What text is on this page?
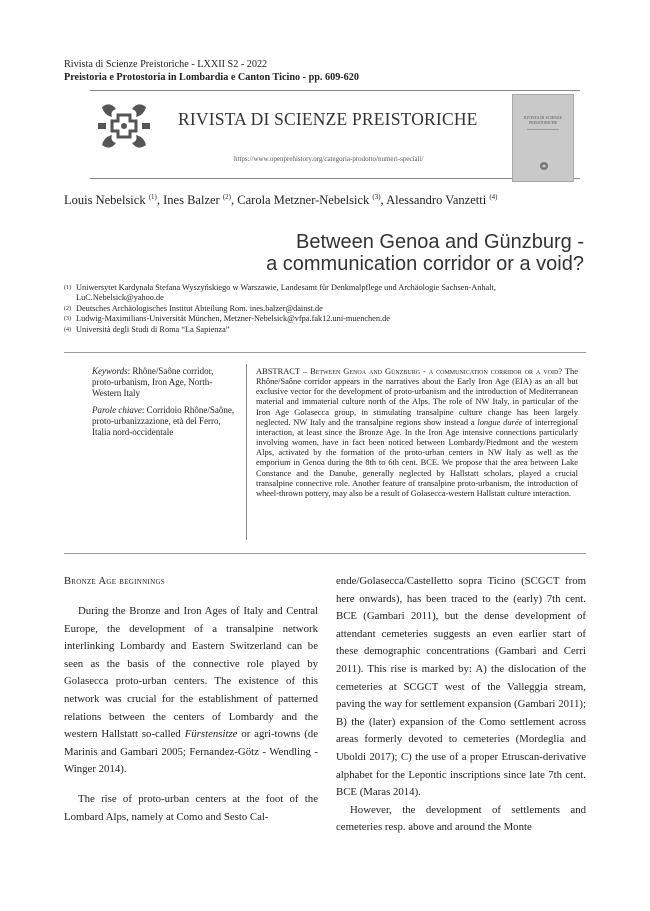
Rivista di Scienze Preistoriche - LXXII S2 - 2022
Preistoria e Protostoria in Lombardia e Canton Ticino - pp. 609-620
RIVISTA DI SCIENZE PREISTORICHE
https://www.openprehistory.org/categoria-prodotto/numeri-speciali/
RIVISTA DI SCIENZE
PREISTORICHE
Louis Nebelsick $^{(1)}$, Ines Balzer $^{(2)}$, Carola Metzner-Nebelsick $^{(3)}$, Alessandro Vanzetti $^{(4)}$
Between Genoa and Günzburg -
a communication corridor or a void?
(1) Uniwersytet Kardynała Stefana Wyszyńskiego w Warszawie, Landesamt für Denkmalpflege und Archäologie Sachsen-Anhalt, LuC.Nebelsick@yahoo.de
(2) Deutsches Archäologisches Institut Abteilung Rom. ines.balzer@dainst.de
(3) Ludwig-Maximilians-Universität München, Metzner-Nebelsick@vfpa.fak12.uni-muenchen.de
(4) Università degli Studi di Roma “La Sapienza”

Keywords: Rhône/Saône corridor, proto-urbanism, Iron Age, North-Western Italy

Parole chiave: Corridoio Rhône/Saône, proto-urbanizzazione, età del Ferro, Italia nord-occidentale

ABSTRACT – Between Genoa and Günzburg - a communication corridor or a void? The Rhône/Saône corridor appears in the narratives about the Early Iron Age (EIA) as an all but exclusive vector for the development of proto-urbanism and the introduction of Mediterranean material and immaterial culture north of the Alps. The role of NW Italy, in particular of the Iron Age Golasecca group, in stimulating transalpine culture change has been largely neglected. NW Italy and the transalpine regions show instead a longue durée of interregional interaction, at least since the Bronze Age. In the Iron Age intensive connections particularly involving women, have in fact been noticed between Lombardy/Piedmont and the western Alps, activated by the formation of the proto-urban centers in NW Italy as well as the emporium in Genoa during the 8th to 6th cent. BCE. We propose that the area between Lake Constance and the Danube, generally neglected by Hallstatt scholars, played a crucial transalpine connective role. Another feature of transalpine proto-urbanism, the introduction of wheel-thrown pottery, may also be a result of Golasecca-western Hallstatt culture interaction.
Bronze Age beginnings

During the Bronze and Iron Ages of Italy and Central Europe, the development of a transalpine network interlinking Lombardy and Eastern Switzerland can be seen as the basis of the connective role played by Golasecca proto-urban centers. The existence of this network was crucial for the establishment of patterned relations between the centers of Lombardy and the western Hallstatt so-called Fürstensitze or agri-towns (de Marinis and Gambari 2005; Fernandez-Götz - Wendling - Winger 2014).

The rise of proto-urban centers at the foot of the Lombard Alps, namely at Como and Sesto Cal-

ende/Golasecca/Castelletto sopra Ticino (SCGCT from here onwards), has been traced to the (early) 7th cent. BCE (Gambari 2011), but the dense development of attendant cemeteries suggests an even earlier start of these demographic concentrations (Gambari and Cerri 2011). This rise is marked by: A) the dislocation of the cemeteries at SCGCT west of the Valleggia stream, paving the way for settlement expansion (Gambari 2011); B) the (later) expansion of the Como settlement across areas formerly devoted to cemeteries (Mordeglia and Uboldi 2017); C) the use of a proper Etruscan-derivative alphabet for the Lepontic inscriptions since late 7th cent. BCE (Maras 2014).

However, the development of settlements and cemeteries resp. above and around the Monte
